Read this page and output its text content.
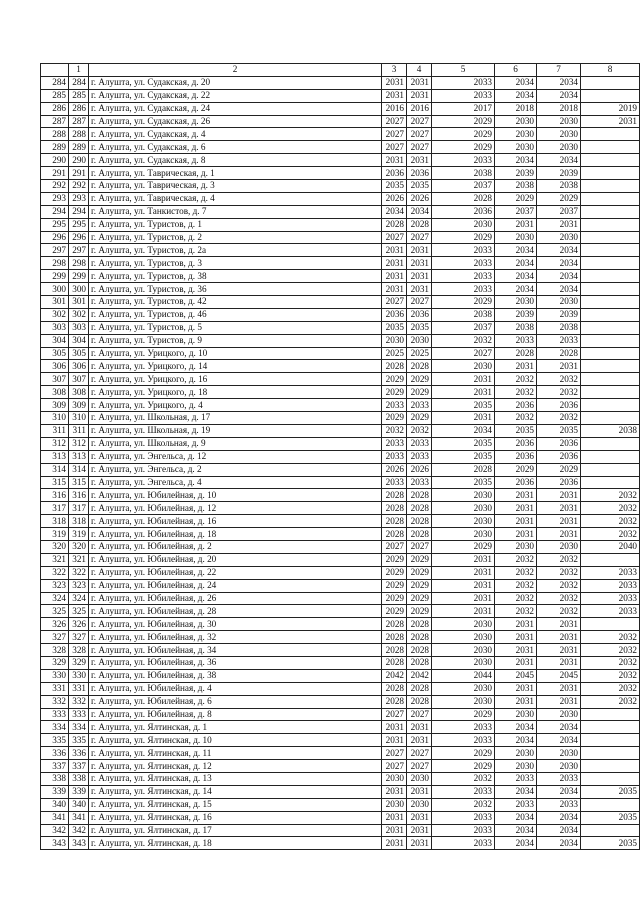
	1	2	3	4	5	6	7	8
284	284	г. Алушта, ул. Судакская, д. 20	2031	2031	2033	2034	2034	
285	285	г. Алушта, ул. Судакская, д. 22	2031	2031	2033	2034	2034	
286	286	г. Алушта, ул. Судакская, д. 24	2016	2016	2017	2018	2018	2019
287	287	г. Алушта, ул. Судакская, д. 26	2027	2027	2029	2030	2030	2031
288	288	г. Алушта, ул. Судакская, д. 4	2027	2027	2029	2030	2030	
289	289	г. Алушта, ул. Судакская, д. 6	2027	2027	2029	2030	2030	
290	290	г. Алушта, ул. Судакская, д. 8	2031	2031	2033	2034	2034	
291	291	г. Алушта, ул. Таврическая, д. 1	2036	2036	2038	2039	2039	
292	292	г. Алушта, ул. Таврическая, д. 3	2035	2035	2037	2038	2038	
293	293	г. Алушта, ул. Таврическая, д. 4	2026	2026	2028	2029	2029	
294	294	г. Алушта, ул. Танкистов, д. 7	2034	2034	2036	2037	2037	
295	295	г. Алушта, ул. Туристов, д. 1	2028	2028	2030	2031	2031	
296	296	г. Алушта, ул. Туристов, д. 2	2027	2027	2029	2030	2030	
297	297	г. Алушта, ул. Туристов, д. 2а	2031	2031	2033	2034	2034	
298	298	г. Алушта, ул. Туристов, д. 3	2031	2031	2033	2034	2034	
299	299	г. Алушта, ул. Туристов, д. 38	2031	2031	2033	2034	2034	
300	300	г. Алушта, ул. Туристов, д. 36	2031	2031	2033	2034	2034	
301	301	г. Алушта, ул. Туристов, д. 42	2027	2027	2029	2030	2030	
302	302	г. Алушта, ул. Туристов, д. 46	2036	2036	2038	2039	2039	
303	303	г. Алушта, ул. Туристов, д. 5	2035	2035	2037	2038	2038	
304	304	г. Алушта, ул. Туристов, д. 9	2030	2030	2032	2033	2033	
305	305	г. Алушта, ул. Урицкого, д. 10	2025	2025	2027	2028	2028	
306	306	г. Алушта, ул. Урицкого, д. 14	2028	2028	2030	2031	2031	
307	307	г. Алушта, ул. Урицкого, д. 16	2029	2029	2031	2032	2032	
308	308	г. Алушта, ул. Урицкого, д. 18	2029	2029	2031	2032	2032	
309	309	г. Алушта, ул. Урицкого, д. 4	2033	2033	2035	2036	2036	
310	310	г. Алушта, ул. Школьная, д. 17	2029	2029	2031	2032	2032	
311	311	г. Алушта, ул. Школьная, д. 19	2032	2032	2034	2035	2035	2038
312	312	г. Алушта, ул. Школьная, д. 9	2033	2033	2035	2036	2036	
313	313	г. Алушта, ул. Энгельса, д. 12	2033	2033	2035	2036	2036	
314	314	г. Алушта, ул. Энгельса, д. 2	2026	2026	2028	2029	2029	
315	315	г. Алушта, ул. Энгельса, д. 4	2033	2033	2035	2036	2036	
316	316	г. Алушта, ул. Юбилейная, д. 10	2028	2028	2030	2031	2031	2032
317	317	г. Алушта, ул. Юбилейная, д. 12	2028	2028	2030	2031	2031	2032
318	318	г. Алушта, ул. Юбилейная, д. 16	2028	2028	2030	2031	2031	2032
319	319	г. Алушта, ул. Юбилейная, д. 18	2028	2028	2030	2031	2031	2032
320	320	г. Алушта, ул. Юбилейная, д. 2	2027	2027	2029	2030	2030	2040
321	321	г. Алушта, ул. Юбилейная, д. 20	2029	2029	2031	2032	2032	
322	322	г. Алушта, ул. Юбилейная, д. 22	2029	2029	2031	2032	2032	2033
323	323	г. Алушта, ул. Юбилейная, д. 24	2029	2029	2031	2032	2032	2033
324	324	г. Алушта, ул. Юбилейная, д. 26	2029	2029	2031	2032	2032	2033
325	325	г. Алушта, ул. Юбилейная, д. 28	2029	2029	2031	2032	2032	2033
326	326	г. Алушта, ул. Юбилейная, д. 30	2028	2028	2030	2031	2031	
327	327	г. Алушта, ул. Юбилейная, д. 32	2028	2028	2030	2031	2031	2032
328	328	г. Алушта, ул. Юбилейная, д. 34	2028	2028	2030	2031	2031	2032
329	329	г. Алушта, ул. Юбилейная, д. 36	2028	2028	2030	2031	2031	2032
330	330	г. Алушта, ул. Юбилейная, д. 38	2042	2042	2044	2045	2045	2032
331	331	г. Алушта, ул. Юбилейная, д. 4	2028	2028	2030	2031	2031	2032
332	332	г. Алушта, ул. Юбилейная, д. 6	2028	2028	2030	2031	2031	2032
333	333	г. Алушта, ул. Юбилейная, д. 8	2027	2027	2029	2030	2030	
334	334	г. Алушта, ул. Ялтинская, д. 1	2031	2031	2033	2034	2034	
335	335	г. Алушта, ул. Ялтинская, д. 10	2031	2031	2033	2034	2034	
336	336	г. Алушта, ул. Ялтинская, д. 11	2027	2027	2029	2030	2030	
337	337	г. Алушта, ул. Ялтинская, д. 12	2027	2027	2029	2030	2030	
338	338	г. Алушта, ул. Ялтинская, д. 13	2030	2030	2032	2033	2033	
339	339	г. Алушта, ул. Ялтинская, д. 14	2031	2031	2033	2034	2034	2035
340	340	г. Алушта, ул. Ялтинская, д. 15	2030	2030	2032	2033	2033	
341	341	г. Алушта, ул. Ялтинская, д. 16	2031	2031	2033	2034	2034	2035
342	342	г. Алушта, ул. Ялтинская, д. 17	2031	2031	2033	2034	2034	
343	343	г. Алушта, ул. Ялтинская, д. 18	2031	2031	2033	2034	2034	2035
